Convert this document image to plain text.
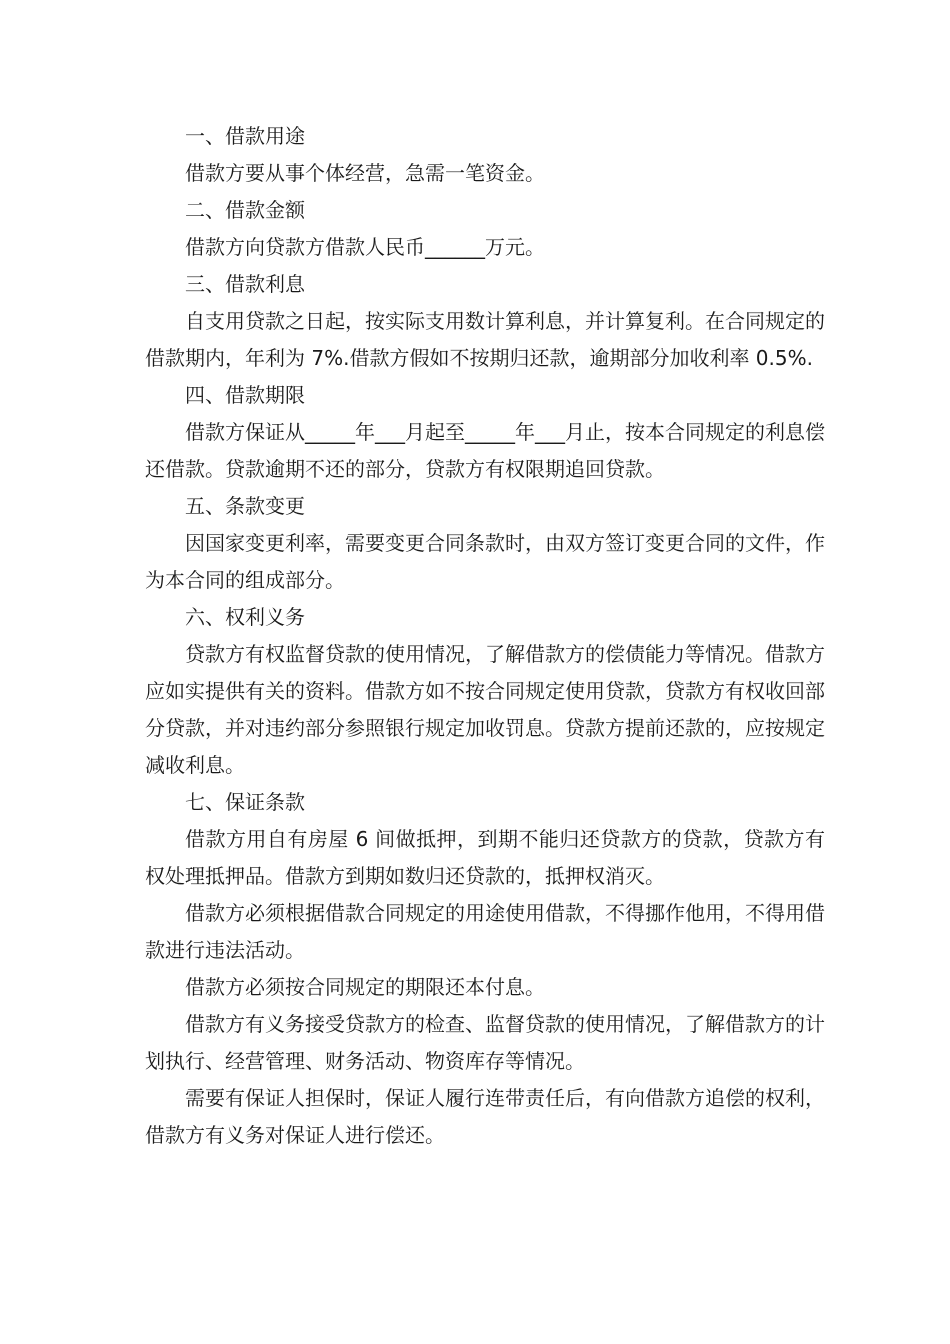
一、借款用途

借款方要从事个体经营，急需一笔资金。

二、借款金额

借款方向贷款方借款人民币______万元。

三、借款利息

自支用贷款之日起，按实际支用数计算利息，并计算复利。在合同规定的借款期内，年利为 7%.借款方假如不按期归还款，逾期部分加收利率 0.5%.

四、借款期限

借款方保证从_____年___月起至_____年___月止，按本合同规定的利息偿还借款。贷款逾期不还的部分，贷款方有权限期追回贷款。

五、条款变更

因国家变更利率，需要变更合同条款时，由双方签订变更合同的文件，作为本合同的组成部分。

六、权利义务

贷款方有权监督贷款的使用情况，了解借款方的偿债能力等情况。借款方应如实提供有关的资料。借款方如不按合同规定使用贷款，贷款方有权收回部分贷款，并对违约部分参照银行规定加收罚息。贷款方提前还款的，应按规定减收利息。

七、保证条款

借款方用自有房屋 6 间做抵押，到期不能归还贷款方的贷款，贷款方有权处理抵押品。借款方到期如数归还贷款的，抵押权消灭。

借款方必须根据借款合同规定的用途使用借款，不得挪作他用，不得用借款进行违法活动。

借款方必须按合同规定的期限还本付息。

借款方有义务接受贷款方的检查、监督贷款的使用情况，了解借款方的计划执行、经营管理、财务活动、物资库存等情况。

需要有保证人担保时，保证人履行连带责任后，有向借款方追偿的权利，借款方有义务对保证人进行偿还。
